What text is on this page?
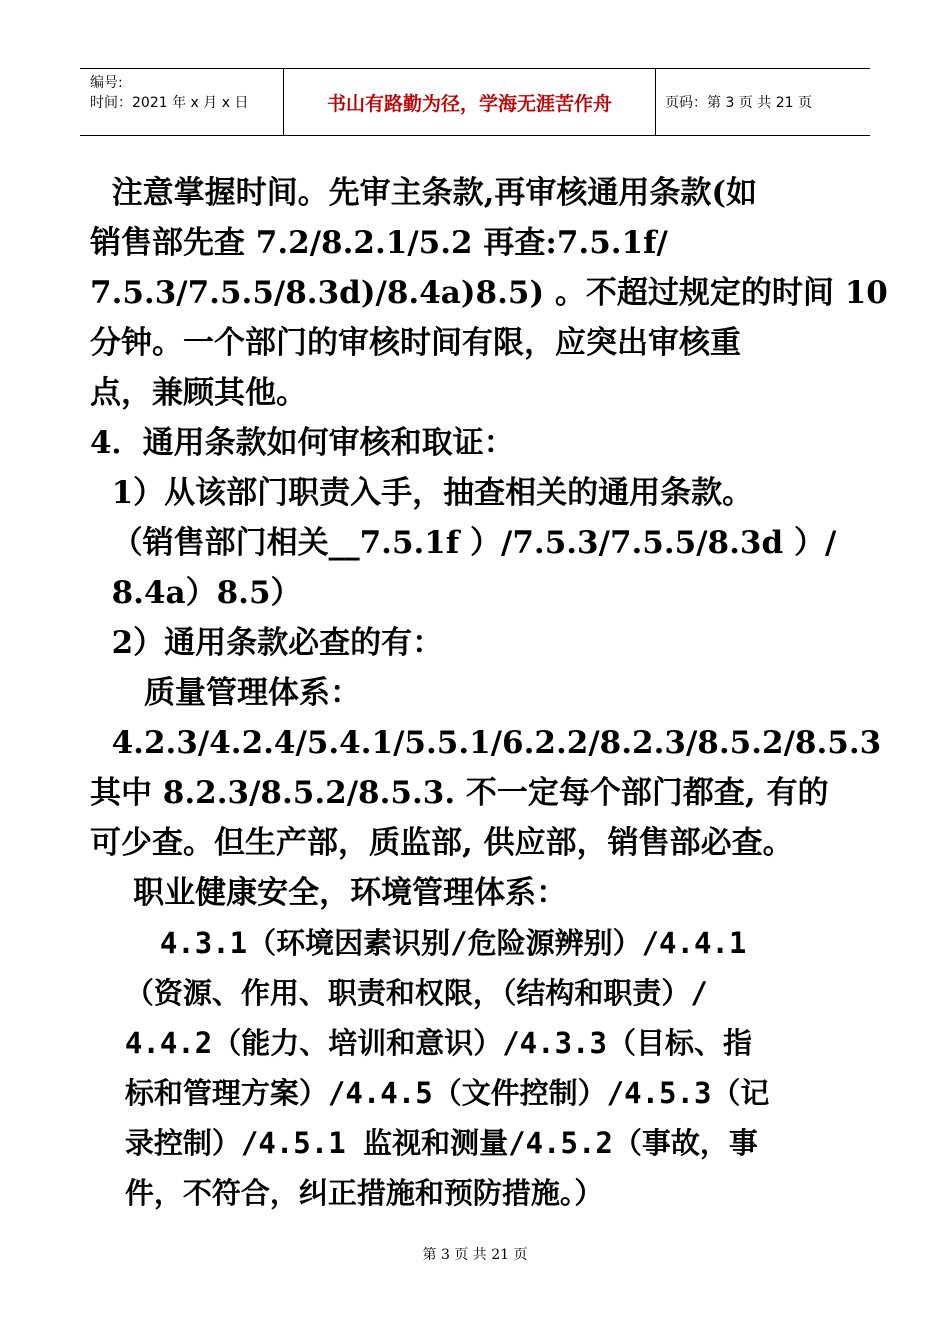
编号:
时间：2021 年 x 月 x 日	书山有路勤为径，学海无涯苦作舟	页码：第 3 页 共 21 页
注意掌握时间。先审主条款,再审核通用条款(如
销售部先查 7.2/8.2.1/5.2 再查:7.5.1f/
7.5.3/7.5.5/8.3d)/8.4a)8.5) 。不超过规定的时间 10
分钟。一个部门的审核时间有限，应突出审核重
点，兼顾其他。
4．通用条款如何审核和取证：
1）从该部门职责入手，抽查相关的通用条款。
（销售部门相关__7.5.1f ）/7.5.3/7.5.5/8.3d ）/
8.4a）8.5）
2）通用条款必查的有：
质量管理体系：
4.2.3/4.2.4/5.4.1/5.5.1/6.2.2/8.2.3/8.5.2/8.5.3
其中 8.2.3/8.5.2/8.5.3. 不一定每个部门都查, 有的
可少查。但生产部，质监部, 供应部，销售部必查。
职业健康安全，环境管理体系：
4.3.1（环境因素识别/危险源辨别）/4.4.1
（资源、作用、职责和权限，（结构和职责）/
4.4.2（能力、培训和意识）/4.3.3（目标、指
标和管理方案）/4.4.5（文件控制）/4.5.3（记
录控制）/4.5.1 监视和测量/4.5.2（事故，事
件，不符合，纠正措施和预防措施。）
第 3 页 共 21 页
